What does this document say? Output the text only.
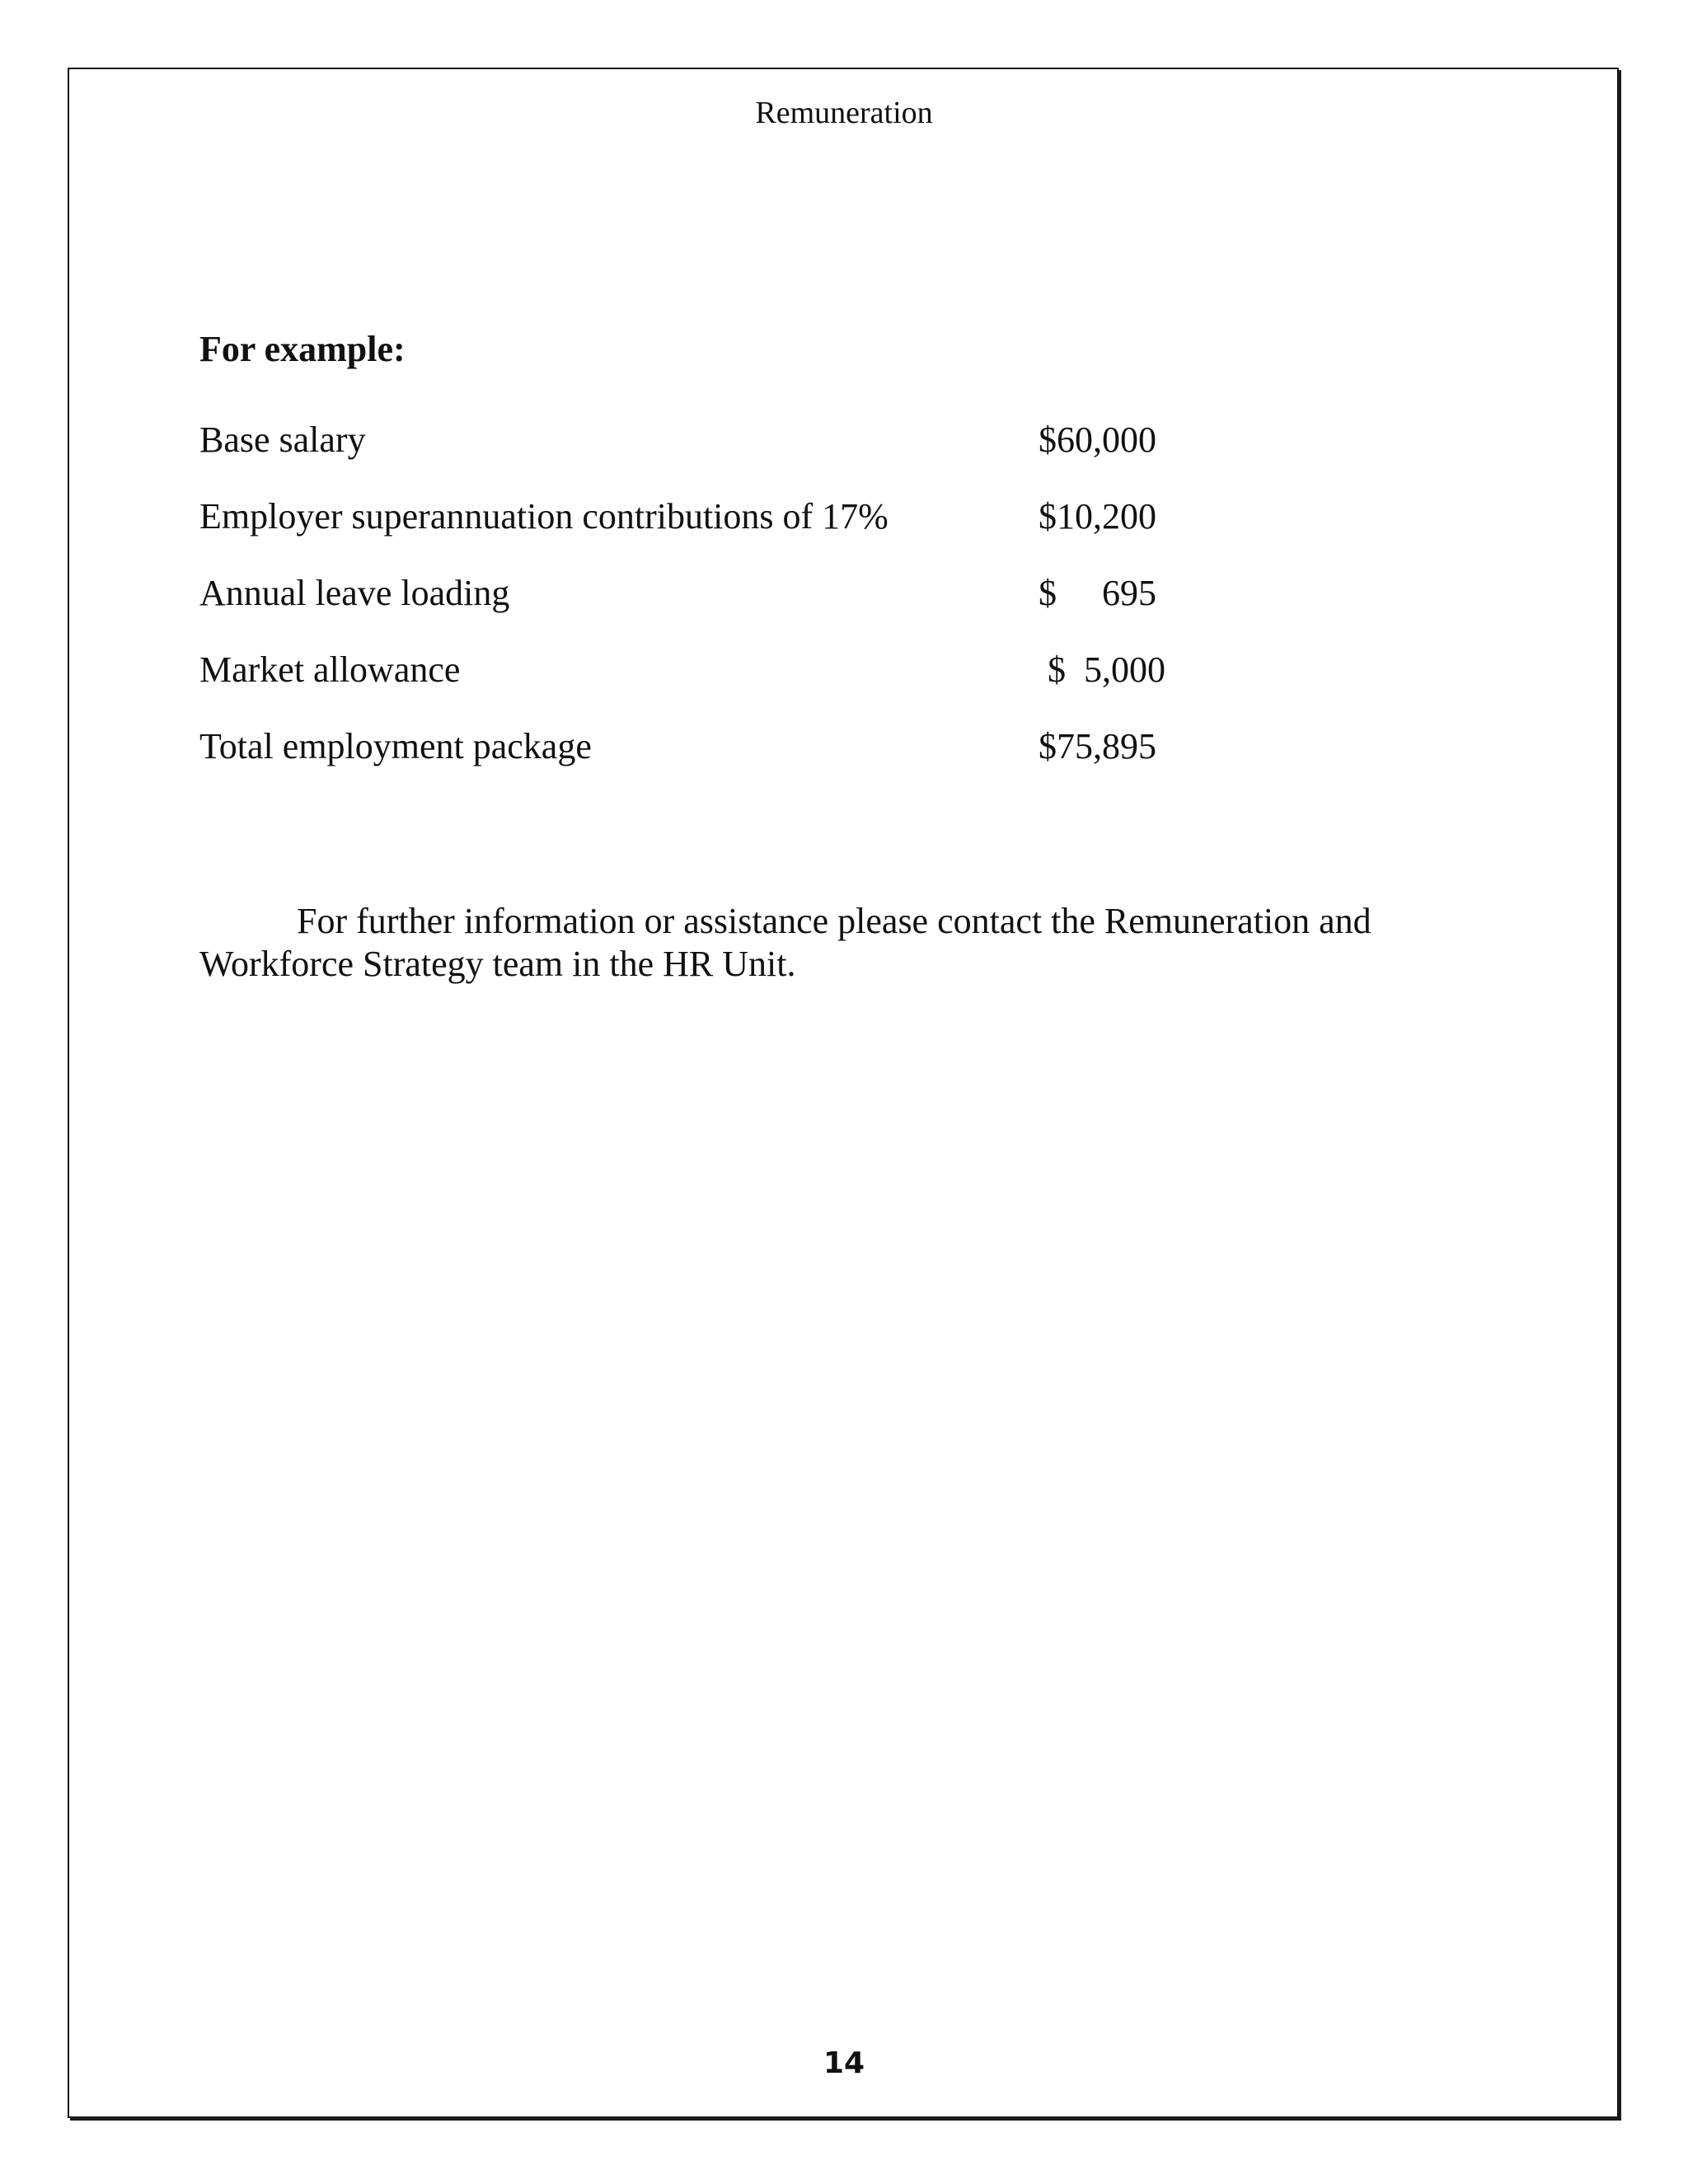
Remuneration
For example:
Base salary	$60,000
Employer superannuation contributions of 17%	$10,200
Annual leave loading	$     695
Market allowance	$  5,000
Total employment package	$75,895

For further information or assistance please contact the Remuneration and Workforce Strategy team in the HR Unit.

14
